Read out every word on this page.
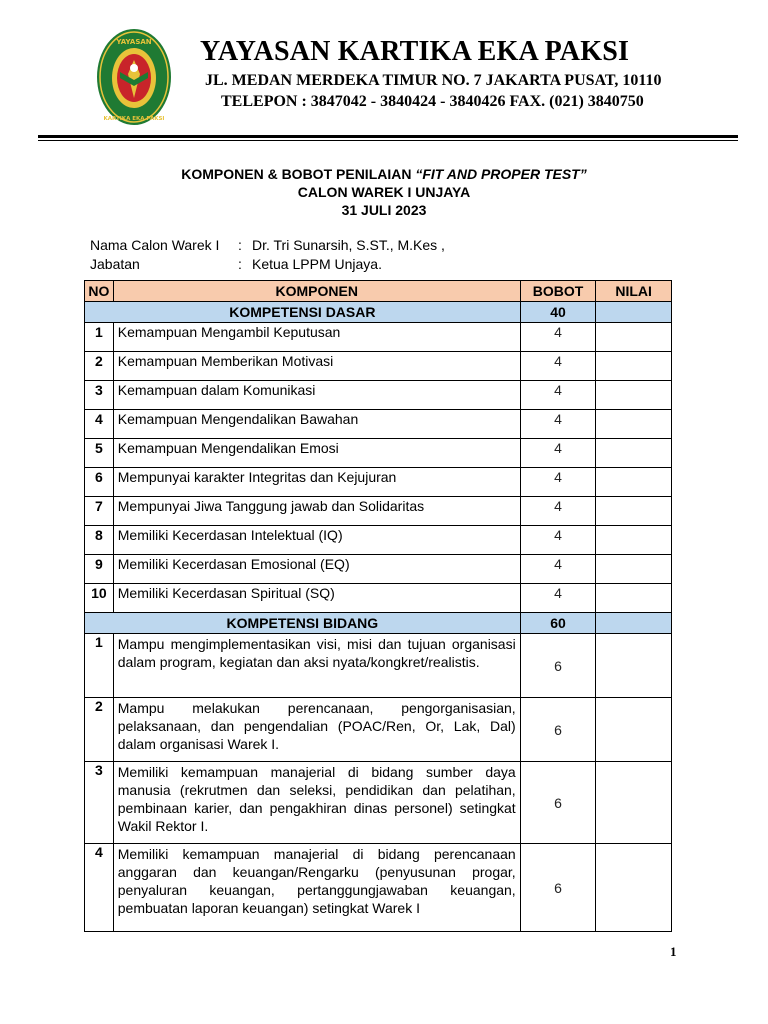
YAYASAN
KARTIKA EKA PAKSI
YAYASAN KARTIKA EKA PAKSI
JL. MEDAN MERDEKA TIMUR NO. 7 JAKARTA PUSAT, 10110
TELEPON : 3847042 - 3840424 - 3840426 FAX. (021) 3840750
KOMPONEN & BOBOT PENILAIAN “FIT AND PROPER TEST”
CALON WAREK I UNJAYA
31 JULI 2023
Nama Calon Warek I	: Dr. Tri Sunarsih, S.ST., M.Kes ,
Jabatan	: Ketua LPPM Unjaya.
NO	KOMPONEN	BOBOT	NILAI
KOMPETENSI DASAR		40	
1	Kemampuan Mengambil Keputusan	4	
2	Kemampuan Memberikan Motivasi	4	
3	Kemampuan dalam Komunikasi	4	
4	Kemampuan Mengendalikan Bawahan	4	
5	Kemampuan Mengendalikan Emosi	4	
6	Mempunyai karakter Integritas dan Kejujuran	4	
7	Mempunyai Jiwa Tanggung jawab dan Solidaritas	4	
8	Memiliki Kecerdasan Intelektual (IQ)	4	
9	Memiliki Kecerdasan Emosional (EQ)	4	
10	Memiliki Kecerdasan Spiritual (SQ)	4	
KOMPETENSI BIDANG		60	
1	Mampu mengimplementasikan visi, misi dan tujuan organisasi dalam program, kegiatan dan aksi nyata/kongkret/realistis.	6	
2	Mampu melakukan perencanaan, pengorganisasian, pelaksanaan, dan pengendalian (POAC/Ren, Or, Lak, Dal) dalam organisasi Warek I.	6	
3	Memiliki kemampuan manajerial di bidang sumber daya manusia (rekrutmen dan seleksi, pendidikan dan pelatihan, pembinaan karier, dan pengakhiran dinas personel) setingkat Wakil Rektor I.	6	
4	Memiliki kemampuan manajerial di bidang perencanaan anggaran dan keuangan/Rengarku (penyusunan progar, penyaluran keuangan, pertanggungjawaban keuangan, pembuatan laporan keuangan) setingkat Warek I	6	
1
